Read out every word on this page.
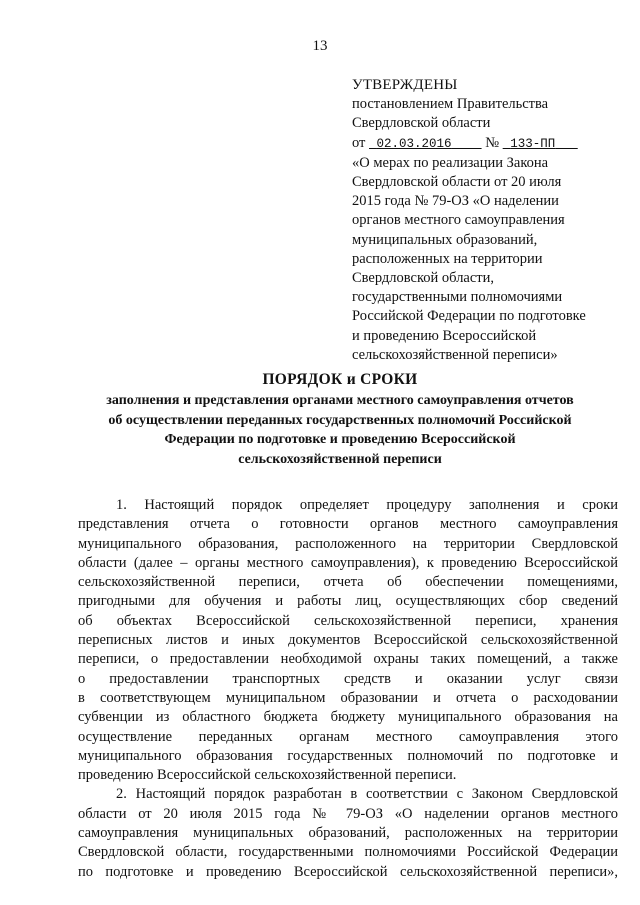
13
УТВЕРЖДЕНЫ
постановлением Правительства
Свердловской области
от 02.03.2016 № 133-ПП
«О мерах по реализации Закона
Свердловской области от 20 июля
2015 года № 79-ОЗ «О наделении
органов местного самоуправления
муниципальных образований,
расположенных на территории
Свердловской области,
государственными полномочиями
Российской Федерации по подготовке
и проведению Всероссийской
сельскохозяйственной переписи»
ПОРЯДОК и СРОКИ
заполнения и представления органами местного самоуправления отчетов
об осуществлении переданных государственных полномочий Российской
Федерации по подготовке и проведению Всероссийской
сельскохозяйственной переписи
1. Настоящий порядок определяет процедуру заполнения и сроки
представления отчета о готовности органов местного самоуправления
муниципального образования, расположенного на территории Свердловской
области (далее – органы местного самоуправления), к проведению Всероссийской
сельскохозяйственной переписи, отчета об обеспечении помещениями,
пригодными для обучения и работы лиц, осуществляющих сбор сведений
об объектах Всероссийской сельскохозяйственной переписи, хранения
переписных листов и иных документов Всероссийской сельскохозяйственной
переписи, о предоставлении необходимой охраны таких помещений, а также
о предоставлении транспортных средств и оказании услуг связи
в соответствующем муниципальном образовании и отчета о расходовании
субвенции из областного бюджета бюджету муниципального образования на
осуществление переданных органам местного самоуправления этого
муниципального образования государственных полномочий по подготовке и
проведению Всероссийской сельскохозяйственной переписи.
2. Настоящий порядок разработан в соответствии с Законом Свердловской
области от 20 июля 2015 года № 79-ОЗ «О наделении органов местного
самоуправления муниципальных образований, расположенных на территории
Свердловской области, государственными полномочиями Российской Федерации
по подготовке и проведению Всероссийской сельскохозяйственной переписи»,
